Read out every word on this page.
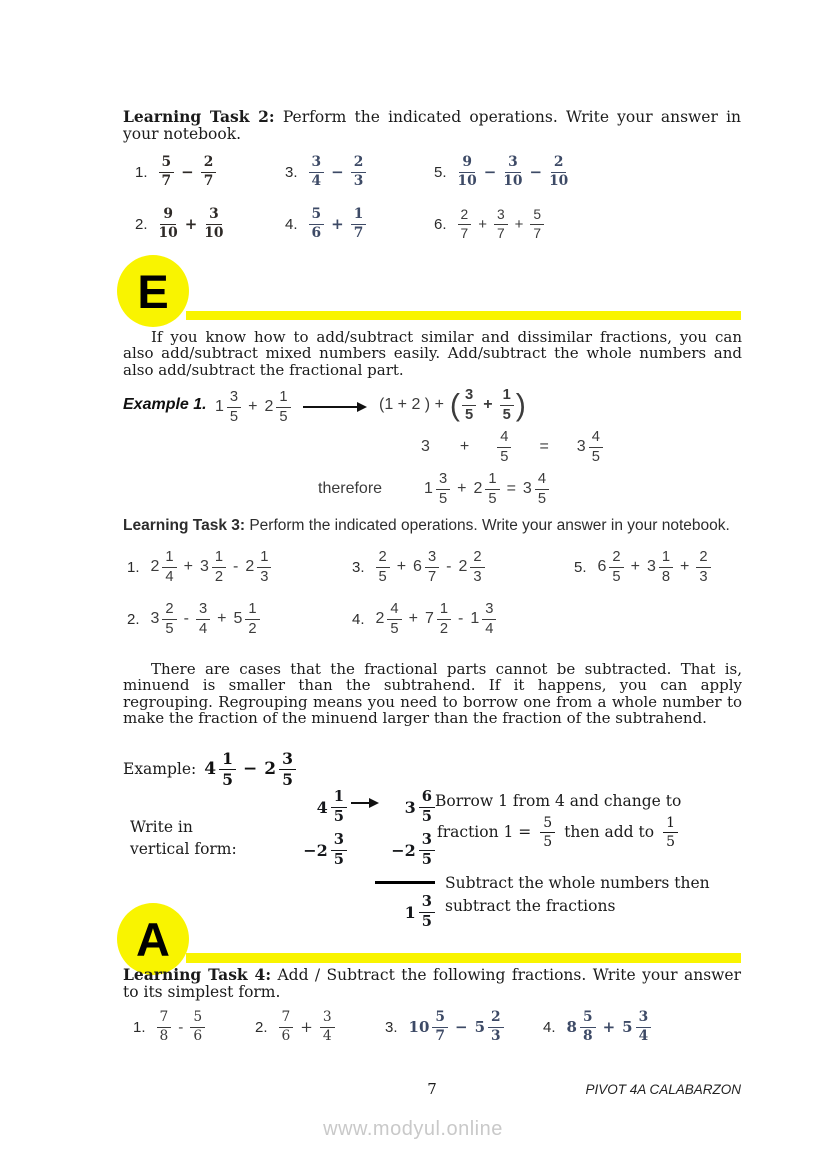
Learning Task 2: Perform the indicated operations. Write your answer in your notebook.
1. $\frac{5}{7} - \frac{2}{7}$
2. $\frac{9}{10} + \frac{3}{10}$
3. $\frac{3}{4} - \frac{2}{3}$
4. $\frac{5}{6} + \frac{1}{7}$
5. $\frac{9}{10} - \frac{3}{10} - \frac{2}{10}$
6. $\frac{2}{7} + \frac{3}{7} + \frac{5}{7}$
E
If you know how to add/subtract similar and dissimilar fractions, you can also add/subtract mixed numbers easily. Add/subtract the whole numbers and also add/subtract the fractional part.
Example 1. $1 \frac{3}{5} + 2 \frac{1}{5}$	(1 + 2 ) + ( $\frac{3}{5} + \frac{1}{5}$ )
$3 + \frac{4}{5} = 3 \frac{4}{5}$
therefore	$1 \frac{3}{5} + 2 \frac{1}{5} = 3 \frac{4}{5}$
Learning Task 3: Perform the indicated operations. Write your answer in your notebook.
1. $2 \frac{1}{4} + 3 \frac{1}{2} - 2 \frac{1}{3}$
2. $3 \frac{2}{5} - \frac{3}{4} + 5 \frac{1}{2}$
3. $\frac{2}{5} + 6 \frac{3}{7} - 2 \frac{2}{3}$
4. $2 \frac{4}{5} + 7 \frac{1}{2} - 1 \frac{3}{4}$
5. $6 \frac{2}{5} + 3 \frac{1}{8} + \frac{2}{3}$
There are cases that the fractional parts cannot be subtracted. That is, minuend is smaller than the subtrahend. If it happens, you can apply regrouping. Regrouping means you need to borrow one from a whole number to make the fraction of the minuend larger than the fraction of the subtrahend.
Example: $4 \frac{1}{5} - 2 \frac{3}{5}$
Write in vertical form:
$4 \frac{1}{5}$
$-2 \frac{3}{5}$
$3 \frac{6}{5}$
$-2 \frac{3}{5}$
$1 \frac{3}{5}$
Borrow 1 from 4 and change to
fraction $1 = \frac{5}{5}$ then add to $\frac{1}{5}$
Subtract the whole numbers then subtract the fractions
A
Learning Task 4: Add / Subtract the following fractions. Write your answer to its simplest form.
1. $\frac{7}{8} - \frac{5}{6}$	2. $\frac{7}{6} + \frac{3}{4}$	3. $10 \frac{5}{7} - 5 \frac{2}{3}$	4. $8 \frac{5}{8} + 5 \frac{3}{4}$
7	PIVOT 4A CALABARZON
www.modyul.online
